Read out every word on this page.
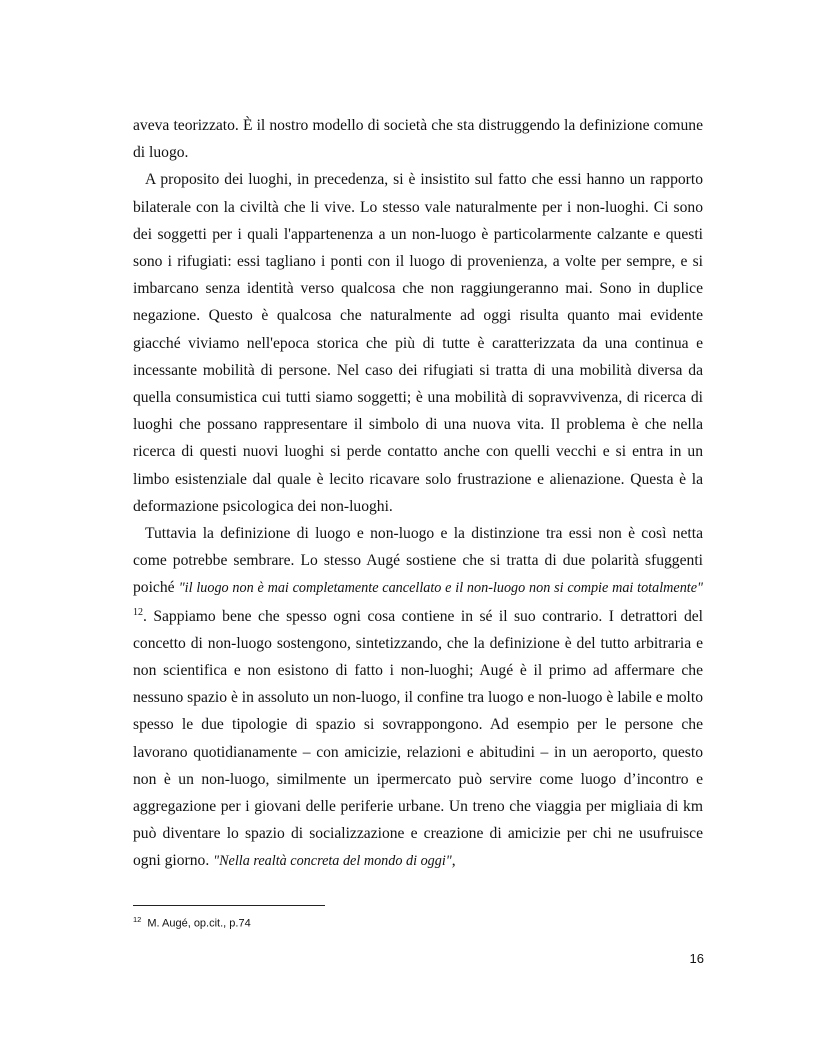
aveva teorizzato. È il nostro modello di società che sta distruggendo la definizione comune di luogo.

A proposito dei luoghi, in precedenza, si è insistito sul fatto che essi hanno un rapporto bilaterale con la civiltà che li vive. Lo stesso vale naturalmente per i non-luoghi. Ci sono dei soggetti per i quali l'appartenenza a un non-luogo è particolarmente calzante e questi sono i rifugiati: essi tagliano i ponti con il luogo di provenienza, a volte per sempre, e si imbarcano senza identità verso qualcosa che non raggiungeranno mai. Sono in duplice negazione. Questo è qualcosa che naturalmente ad oggi risulta quanto mai evidente giacché viviamo nell'epoca storica che più di tutte è caratterizzata da una continua e incessante mobilità di persone. Nel caso dei rifugiati si tratta di una mobilità diversa da quella consumistica cui tutti siamo soggetti; è una mobilità di sopravvivenza, di ricerca di luoghi che possano rappresentare il simbolo di una nuova vita. Il problema è che nella ricerca di questi nuovi luoghi si perde contatto anche con quelli vecchi e si entra in un limbo esistenziale dal quale è lecito ricavare solo frustrazione e alienazione. Questa è la deformazione psicologica dei non-luoghi.

Tuttavia la definizione di luogo e non-luogo e la distinzione tra essi non è così netta come potrebbe sembrare. Lo stesso Augé sostiene che si tratta di due polarità sfuggenti poiché "il luogo non è mai completamente cancellato e il non-luogo non si compie mai totalmente" $^{12}$. Sappiamo bene che spesso ogni cosa contiene in sé il suo contrario. I detrattori del concetto di non-luogo sostengono, sintetizzando, che la definizione è del tutto arbitraria e non scientifica e non esistono di fatto i non-luoghi; Augé è il primo ad affermare che nessuno spazio è in assoluto un non-luogo, il confine tra luogo e non-luogo è labile e molto spesso le due tipologie di spazio si sovrappongono. Ad esempio per le persone che lavorano quotidianamente – con amicizie, relazioni e abitudini – in un aeroporto, questo non è un non-luogo, similmente un ipermercato può servire come luogo d’incontro e aggregazione per i giovani delle periferie urbane. Un treno che viaggia per migliaia di km può diventare lo spazio di socializzazione e creazione di amicizie per chi ne usufruisce ogni giorno. "Nella realtà concreta del mondo di oggi",

$^{12}$ M. Augé, op.cit., p.74
16
